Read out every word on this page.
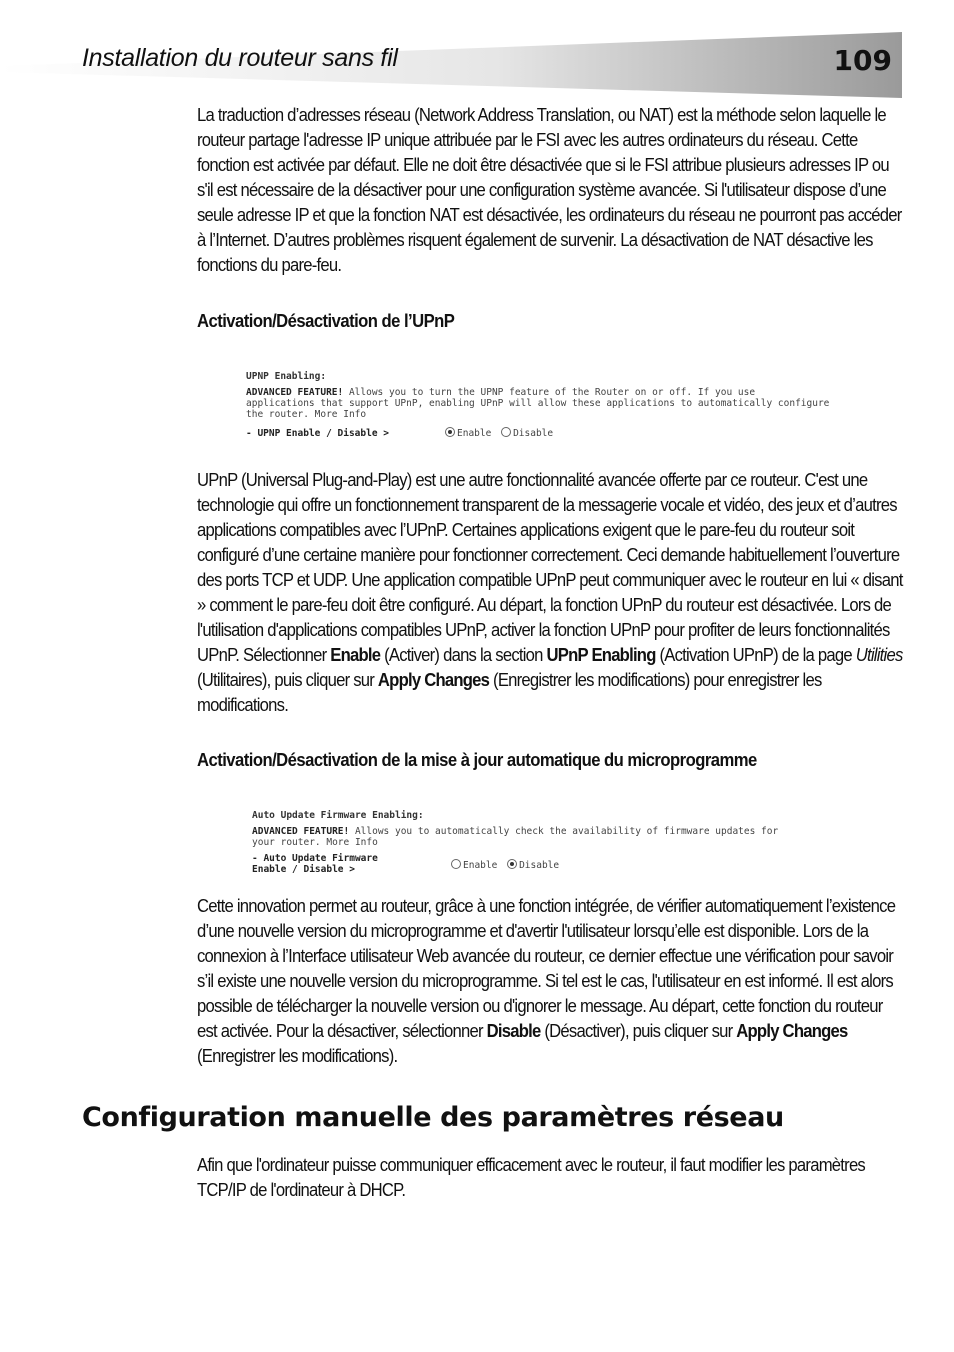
Installation du routeur sans fil	109

La traduction d’adresses réseau (Network Address Translation, ou NAT) est la méthode selon laquelle le routeur partage l'adresse IP unique attribuée par le FSI avec les autres ordinateurs du réseau. Cette fonction est activée par défaut. Elle ne doit être désactivée que si le FSI attribue plusieurs adresses IP ou s'il est nécessaire de la désactiver pour une configuration système avancée. Si l'utilisateur dispose d’une seule adresse IP et que la fonction NAT est désactivée, les ordinateurs du réseau ne pourront pas accéder à l’Internet. D’autres problèmes risquent également de survenir. La désactivation de NAT désactive les fonctions du pare-feu.

Activation/Désactivation de l’UPnP
UPNP Enabling:
ADVANCED FEATURE! Allows you to turn the UPNP feature of the Router on or off. If you use
applications that support UPnP, enabling UPnP will allow these applications to automatically configure
the router. More Info
- UPNP Enable / Disable >	Enable Disable

UPnP (Universal Plug-and-Play) est une autre fonctionnalité avancée offerte par ce routeur. C'est une technologie qui offre un fonctionnement transparent de la messagerie vocale et vidéo, des jeux et d’autres applications compatibles avec l’UPnP. Certaines applications exigent que le pare-feu du routeur soit configuré d’une certaine manière pour fonctionner correctement. Ceci demande habituellement l’ouverture des ports TCP et UDP. Une application compatible UPnP peut communiquer avec le routeur en lui « disant » comment le pare-feu doit être configuré. Au départ, la fonction UPnP du routeur est désactivée. Lors de l'utilisation d'applications compatibles UPnP, activer la fonction UPnP pour profiter de leurs fonctionnalités UPnP. Sélectionner Enable (Activer) dans la section UPnP Enabling (Activation UPnP) de la page Utilities (Utilitaires), puis cliquer sur Apply Changes (Enregistrer les modifications) pour enregistrer les modifications.

Activation/Désactivation de la mise à jour automatique du microprogramme
Auto Update Firmware Enabling:
ADVANCED FEATURE! Allows you to automatically check the availability of firmware updates for
your router. More Info
- Auto Update Firmware
Enable / Disable >	Enable Disable

Cette innovation permet au routeur, grâce à une fonction intégrée, de vérifier automatiquement l’existence d’une nouvelle version du microprogramme et d'avertir l'utilisateur lorsqu’elle est disponible. Lors de la connexion à l’Interface utilisateur Web avancée du routeur, ce dernier effectue une vérification pour savoir s’il existe une nouvelle version du microprogramme. Si tel est le cas, l'utilisateur en est informé. Il est alors possible de télécharger la nouvelle version ou d'ignorer le message. Au départ, cette fonction du routeur est activée. Pour la désactiver, sélectionner Disable (Désactiver), puis cliquer sur Apply Changes (Enregistrer les modifications).

Configuration manuelle des paramètres réseau

Afin que l'ordinateur puisse communiquer efficacement avec le routeur, il faut modifier les paramètres TCP/IP de l'ordinateur à DHCP.
